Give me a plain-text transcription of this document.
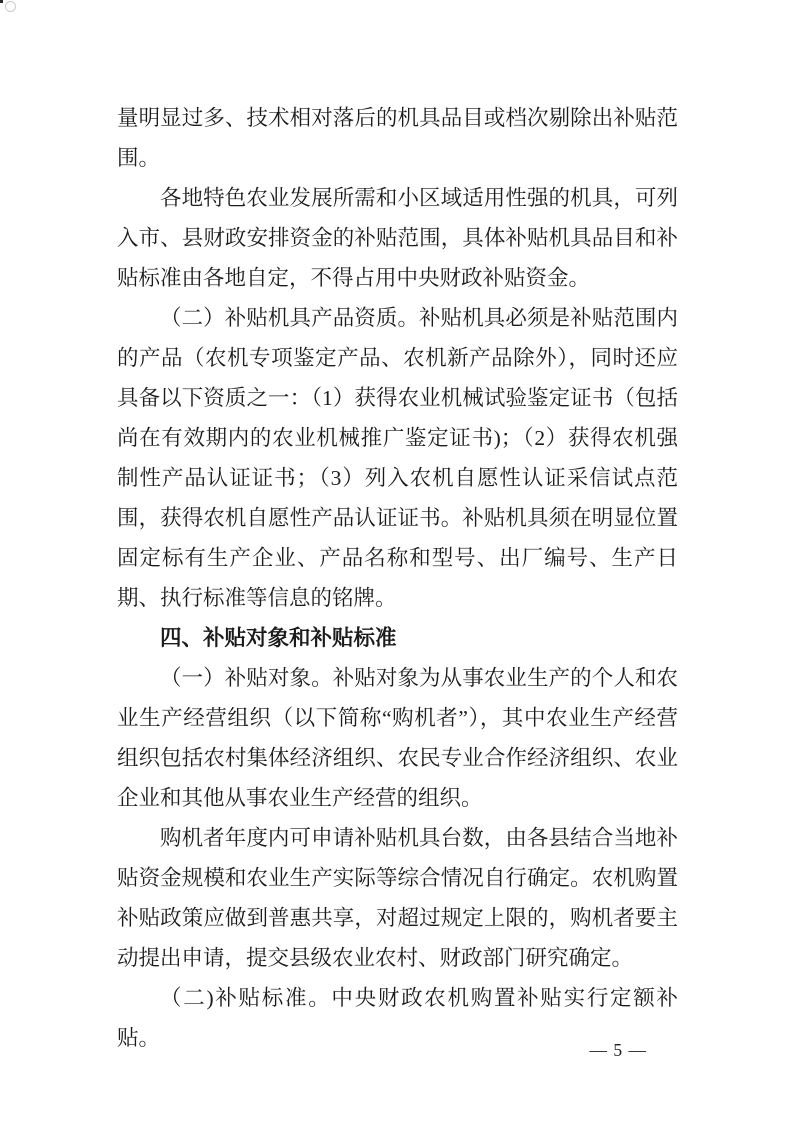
量明显过多、技术相对落后的机具品目或档次剔除出补贴范围。

各地特色农业发展所需和小区域适用性强的机具，可列入市、县财政安排资金的补贴范围，具体补贴机具品目和补贴标准由各地自定，不得占用中央财政补贴资金。

（二）补贴机具产品资质。补贴机具必须是补贴范围内的产品（农机专项鉴定产品、农机新产品除外），同时还应具备以下资质之一：（1）获得农业机械试验鉴定证书（包括尚在有效期内的农业机械推广鉴定证书)；（2）获得农机强制性产品认证证书；（3）列入农机自愿性认证采信试点范围，获得农机自愿性产品认证证书。补贴机具须在明显位置固定标有生产企业、产品名称和型号、出厂编号、生产日期、执行标准等信息的铭牌。

四、补贴对象和补贴标准

（一）补贴对象。补贴对象为从事农业生产的个人和农业生产经营组织（以下简称“购机者”），其中农业生产经营组织包括农村集体经济组织、农民专业合作经济组织、农业企业和其他从事农业生产经营的组织。

购机者年度内可申请补贴机具台数，由各县结合当地补贴资金规模和农业生产实际等综合情况自行确定。农机购置补贴政策应做到普惠共享，对超过规定上限的，购机者要主动提出申请，提交县级农业农村、财政部门研究确定。

（二)补贴标准。中央财政农机购置补贴实行定额补贴。	— 5 —
